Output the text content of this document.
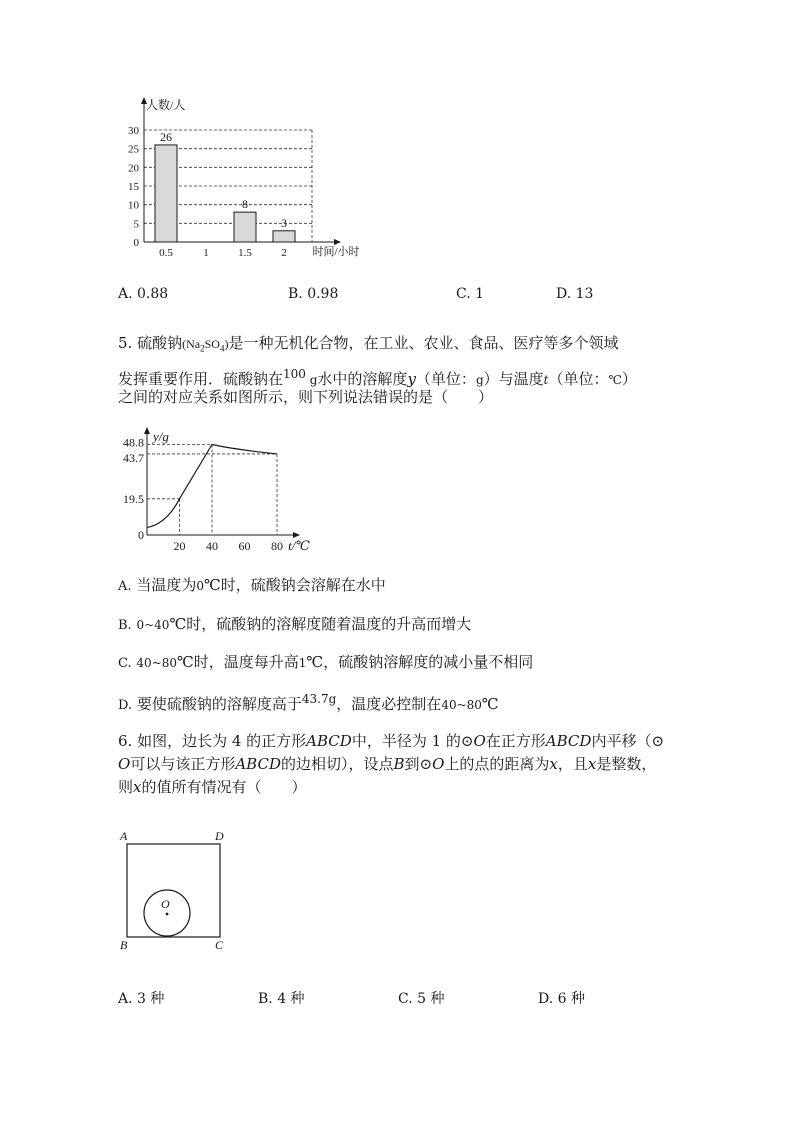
0
5
10
15
20
25
30
人数/人
时间/小时
26
0.5	1
8
1.5
3
2
A. 0.88	B. 0.98	C. 1	D. 13
5. 硫酸钠$(Na_2SO_4)$是一种无机化合物，在工业、农业、食品、医疗等多个领域
发挥重要作用．硫酸钠在$^{100}$ g水中的溶解度y（单位：g）与温度t（单位：℃）
之间的对应关系如图所示，则下列说法错误的是（　　）
y/g
t/℃
48.8
43.7
19.5
0
20 40 60 80
A. 当温度为0℃时，硫酸钠会溶解在水中
B. 0~40℃时，硫酸钠的溶解度随着温度的升高而增大
C. 40~80℃时，温度每升高1℃，硫酸钠溶解度的减小量不相同
D. 要使硫酸钠的溶解度高于$^{43.7g}$，温度必控制在40~80℃
6. 如图，边长为 4 的正方形ABCD中，半径为 1 的⊙O在正方形ABCD内平移（⊙
O可以与该正方形ABCD的边相切），设点B到⊙O上的点的距离为x，且x是整数，
则x的值所有情况有（　　）
A	D
B	C
O
A. 3 种	B. 4 种	C. 5 种	D. 6 种
